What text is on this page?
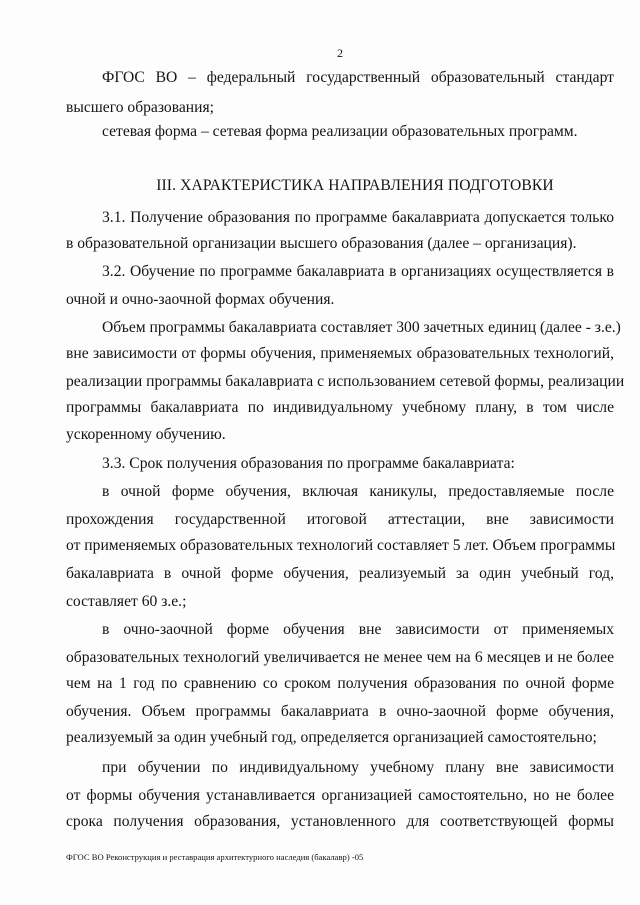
2
ФГОС ВО – федеральный государственный образовательный стандарт
высшего образования;
сетевая форма – сетевая форма реализации образовательных программ.
III. ХАРАКТЕРИСТИКА НАПРАВЛЕНИЯ ПОДГОТОВКИ
3.1. Получение образования по программе бакалавриата допускается только
в образовательной организации высшего образования (далее – организация).
3.2. Обучение по программе бакалавриата в организациях осуществляется в
очной и очно-заочной формах обучения.
Объем программы бакалавриата составляет 300 зачетных единиц (далее - з.е.)
вне зависимости от формы обучения, применяемых образовательных технологий,
реализации программы бакалавриата с использованием сетевой формы, реализации
программы бакалавриата по индивидуальному учебному плану, в том числе
ускоренному обучению.
3.3. Срок получения образования по программе бакалавриата:
в очной форме обучения, включая каникулы, предоставляемые после
прохождения государственной итоговой аттестации, вне зависимости
от применяемых образовательных технологий составляет 5 лет. Объем программы
бакалавриата в очной форме обучения, реализуемый за один учебный год,
составляет 60 з.е.;
в очно-заочной форме обучения вне зависимости от применяемых
образовательных технологий увеличивается не менее чем на 6 месяцев и не более
чем на 1 год по сравнению со сроком получения образования по очной форме
обучения. Объем программы бакалавриата в очно-заочной форме обучения,
реализуемый за один учебный год, определяется организацией самостоятельно;
при обучении по индивидуальному учебному плану вне зависимости
от формы обучения устанавливается организацией самостоятельно, но не более
срока получения образования, установленного для соответствующей формы
ФГОС ВО Реконструкция и реставрация архитектурного наследия (бакалавр) -05
